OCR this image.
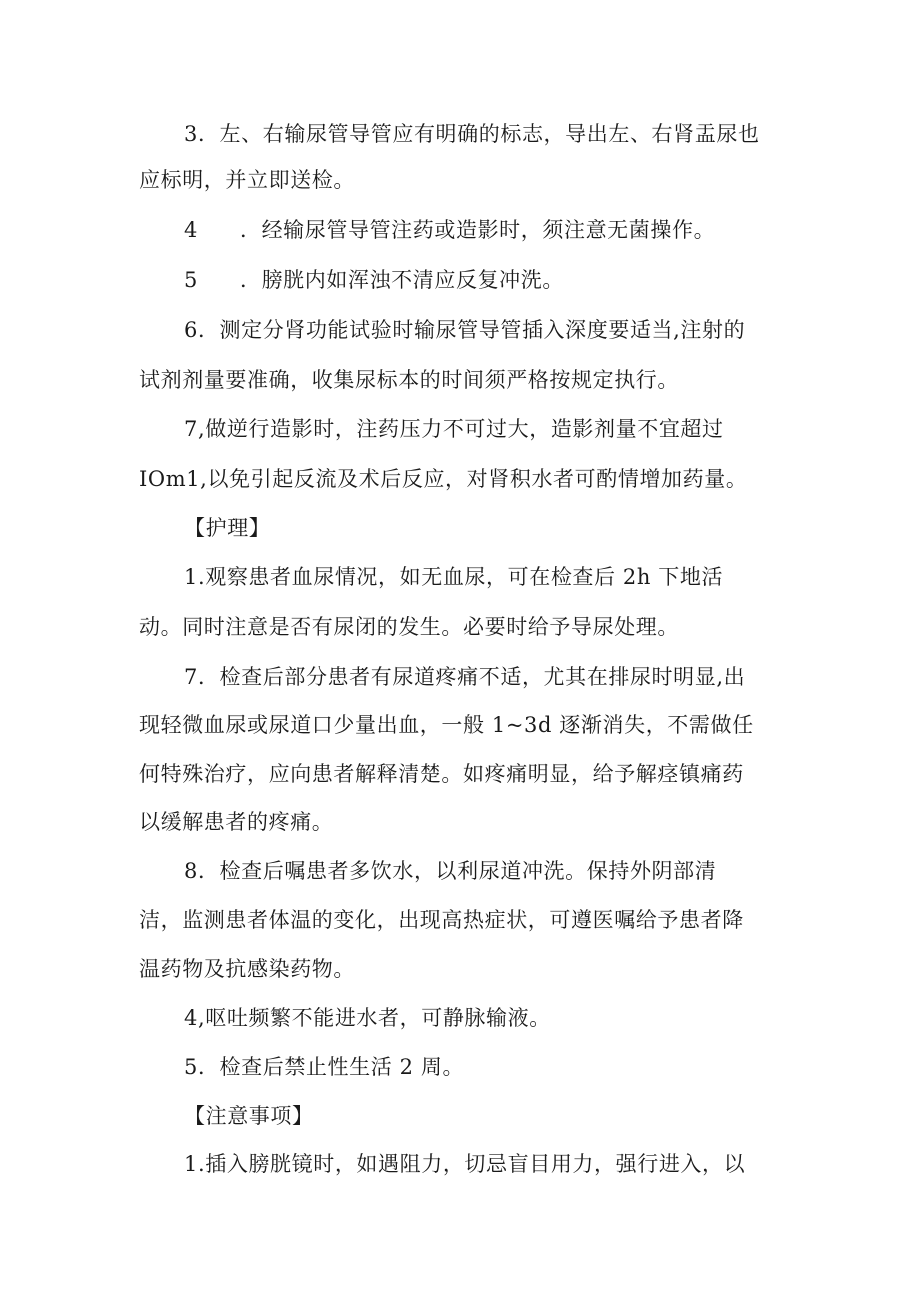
3．左、右输尿管导管应有明确的标志，导出左、右肾盂尿也
应标明，并立即送检。
4 ．经输尿管导管注药或造影时，须注意无菌操作。
5 ．膀胱内如浑浊不清应反复冲洗。
6．测定分肾功能试验时输尿管导管插入深度要适当,注射的
试剂剂量要准确，收集尿标本的时间须严格按规定执行。
7,做逆行造影时，注药压力不可过大，造影剂量不宜超过
IOm1,以免引起反流及术后反应，对肾积水者可酌情增加药量。
【护理】
1.观察患者血尿情况，如无血尿，可在检查后 2h 下地活
动。同时注意是否有尿闭的发生。必要时给予导尿处理。
7．检查后部分患者有尿道疼痛不适，尤其在排尿时明显,出
现轻微血尿或尿道口少量出血，一般 1~3d 逐渐消失，不需做任
何特殊治疗，应向患者解释清楚。如疼痛明显，给予解痉镇痛药
以缓解患者的疼痛。
8．检查后嘱患者多饮水，以利尿道冲洗。保持外阴部清
洁，监测患者体温的变化，出现高热症状，可遵医嘱给予患者降
温药物及抗感染药物。
4,呕吐频繁不能进水者，可静脉输液。
5．检查后禁止性生活 2 周。
【注意事项】
1.插入膀胱镜时，如遇阻力，切忌盲目用力，强行进入，以
